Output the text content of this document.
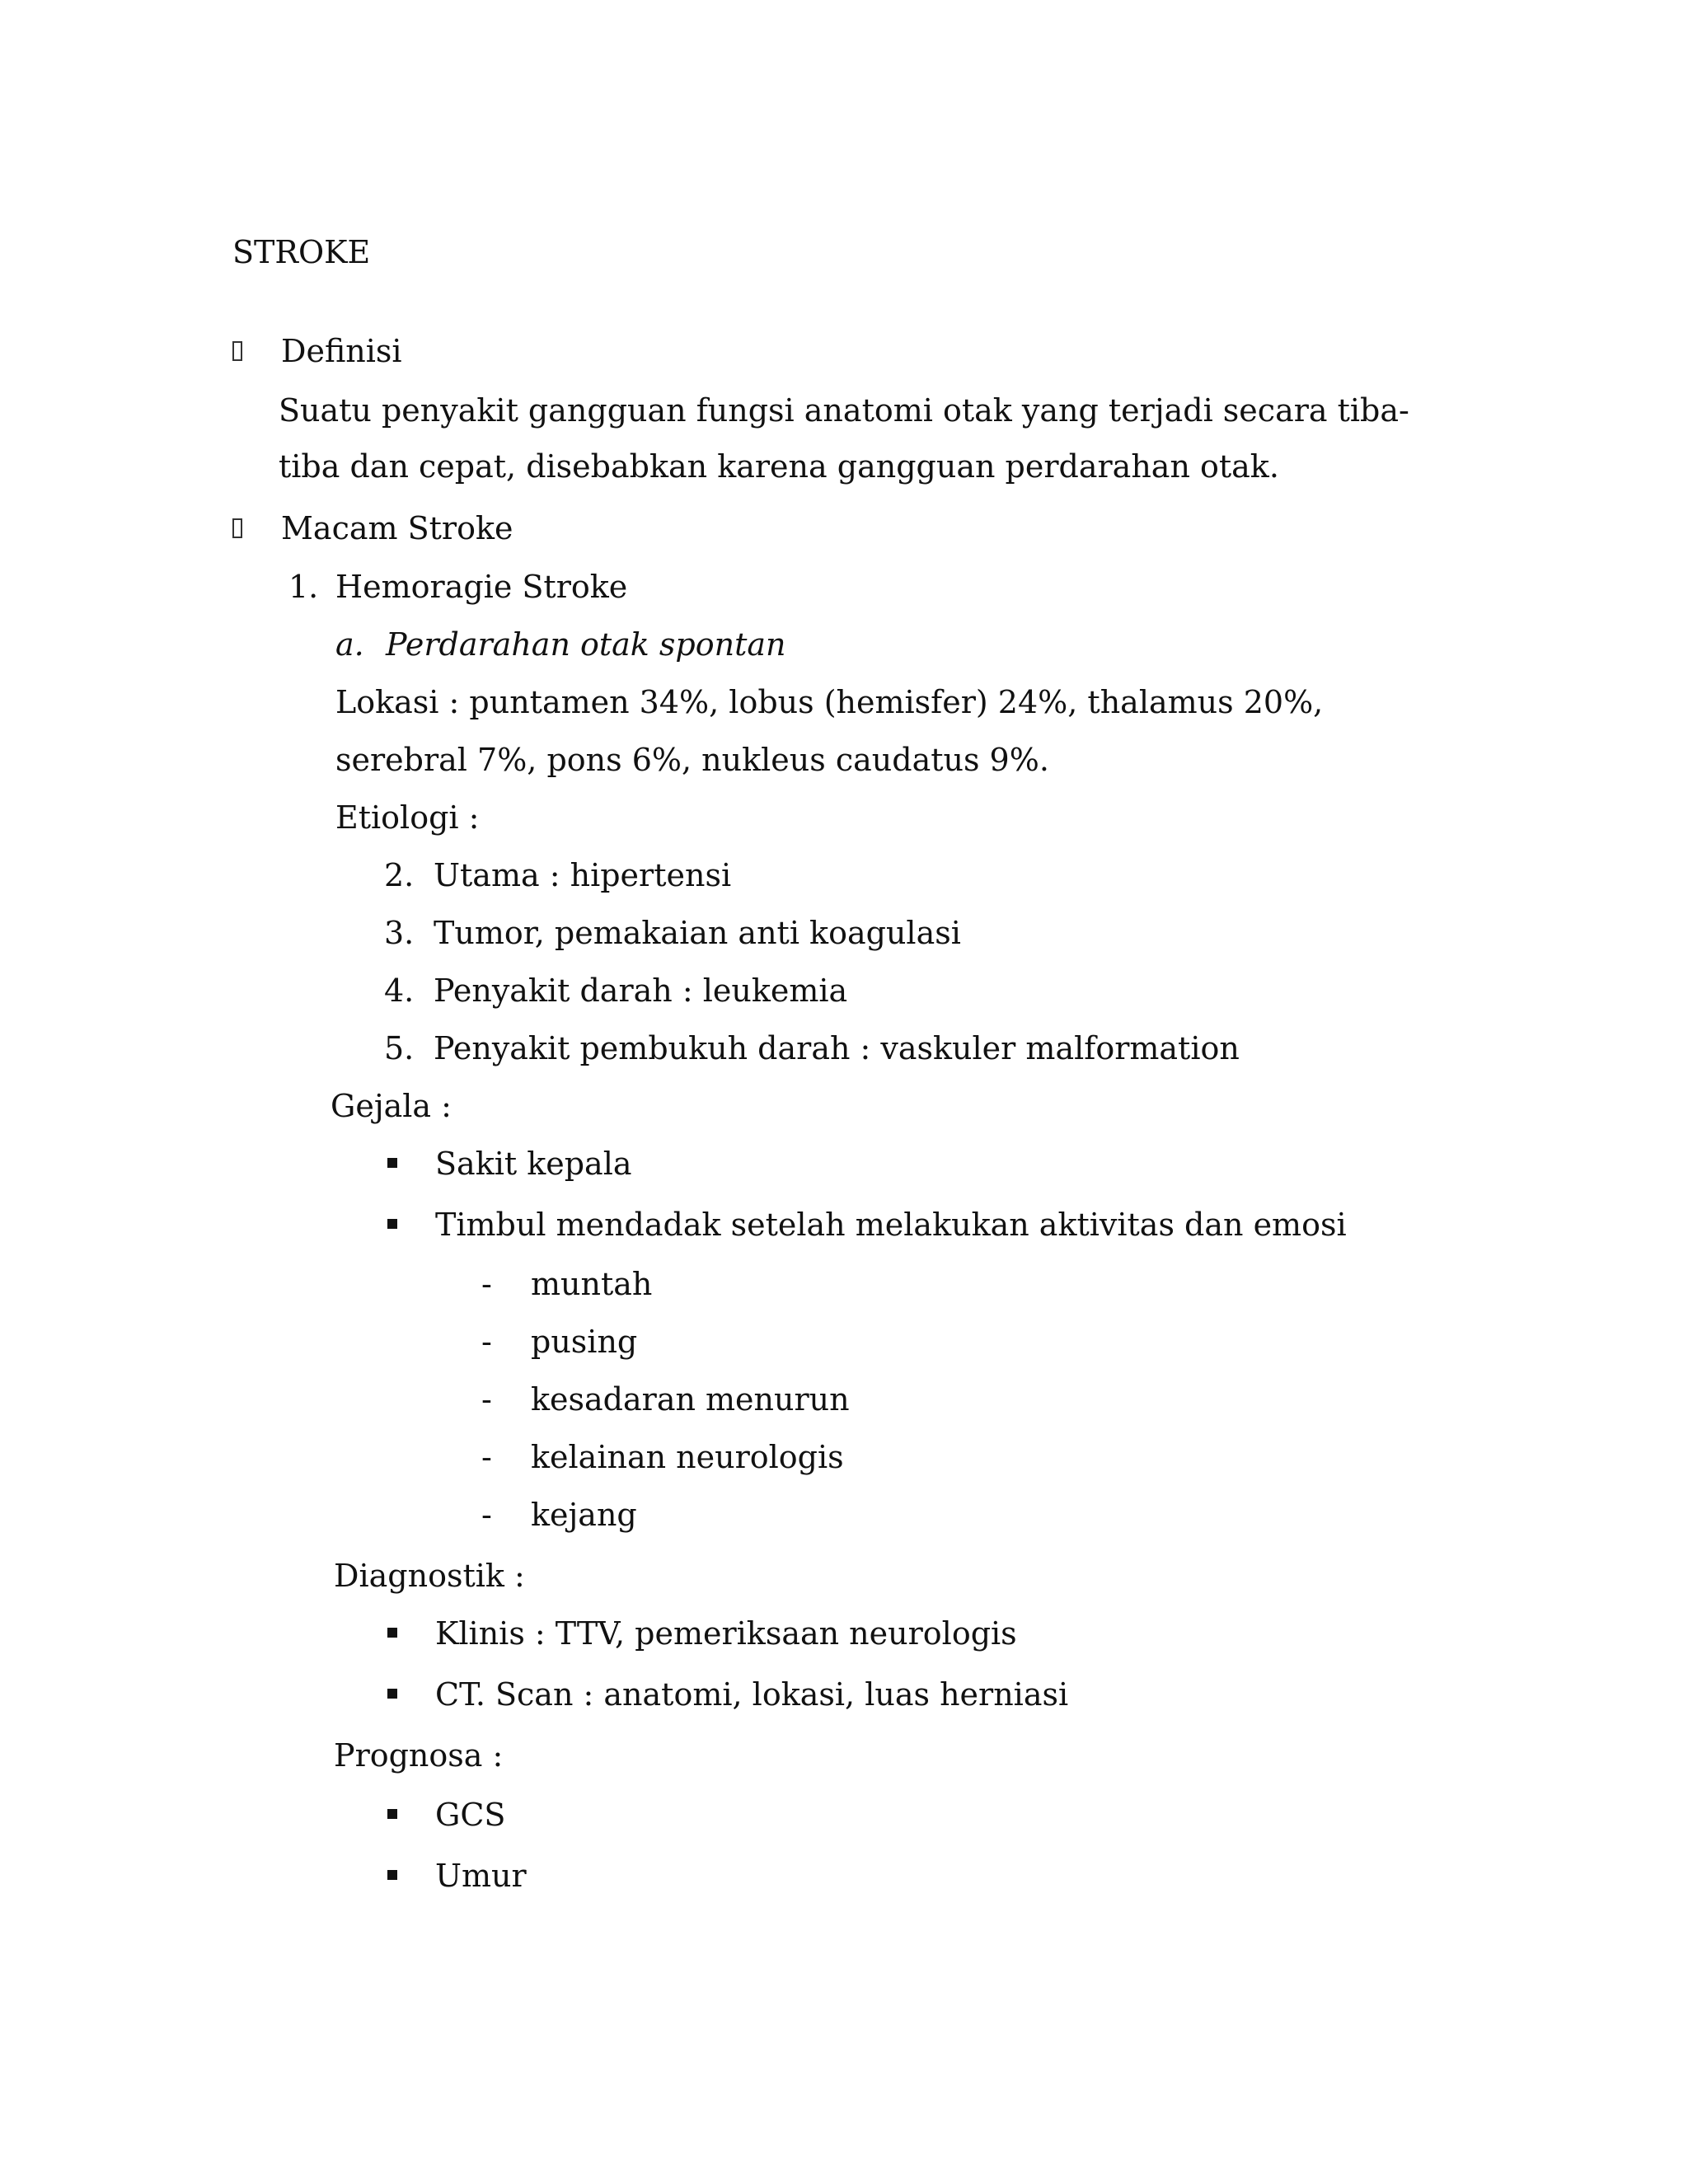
STROKE
Definisi
Suatu penyakit gangguan fungsi anatomi otak yang terjadi secara tiba-
tiba dan cepat, disebabkan karena gangguan perdarahan otak.
Macam Stroke
1. Hemoragie Stroke
a. Perdarahan otak spontan
Lokasi : puntamen 34%, lobus (hemisfer) 24%, thalamus 20%,
serebral 7%, pons 6%, nukleus caudatus 9%.
Etiologi :
2. Utama : hipertensi
3. Tumor, pemakaian anti koagulasi
4. Penyakit darah : leukemia
5. Penyakit pembukuh darah : vaskuler malformation
Gejala :
Sakit kepala
Timbul mendadak setelah melakukan aktivitas dan emosi
- muntah
- pusing
- kesadaran menurun
- kelainan neurologis
- kejang
Diagnostik :
Klinis : TTV, pemeriksaan neurologis
CT. Scan : anatomi, lokasi, luas herniasi
Prognosa :
GCS
Umur
